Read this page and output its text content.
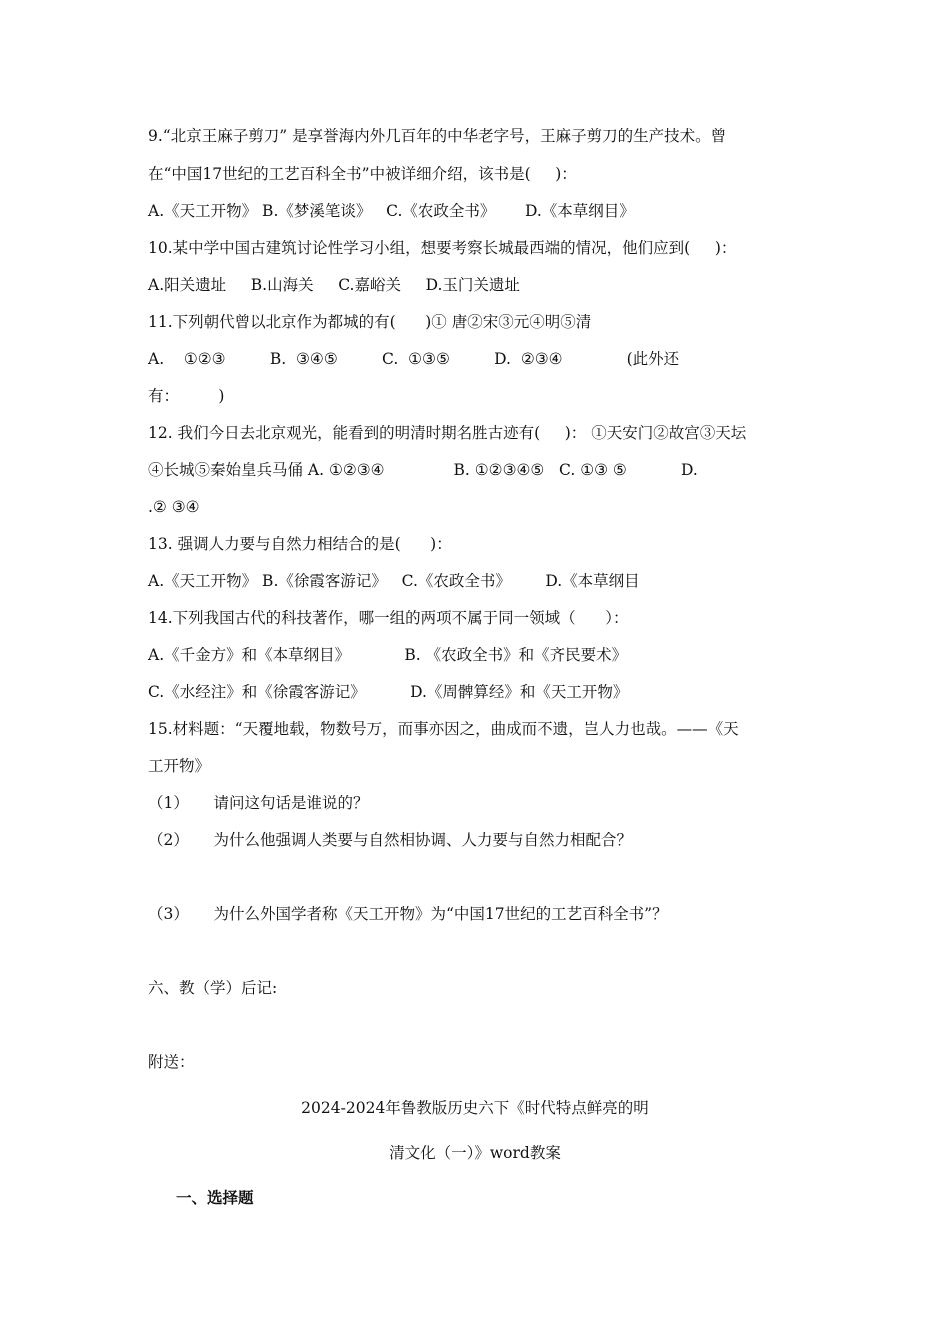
9.“北京王麻子剪刀” 是享誉海内外几百年的中华老字号，王麻子剪刀的生产技术。曾
在“中国17世纪的工艺百科全书”中被详细介绍，该书是(     )：
A.《天工开物》 B.《梦溪笔谈》   C.《农政全书》      D.《本草纲目》
10.某中学中国古建筑讨论性学习小组，想要考察长城最西端的情况，他们应到(     )：
A.阳关遗址     B.山海关     C.嘉峪关     D.玉门关遗址
11.下列朝代曾以北京作为都城的有(      )① 唐②宋③元④明⑤清
A.    ①②③         B.  ③④⑤         C.  ①③⑤         D.  ②③④             (此外还
有：        )
12. 我们今日去北京观光，能看到的明清时期名胜古迹有(     )： ①天安门②故宫③天坛
④长城⑤秦始皇兵马俑 A. ①②③④              B. ①②③④⑤   C. ①③ ⑤           D.
.② ③④
13. 强调人力要与自然力相结合的是(      )：
A.《天工开物》 B.《徐霞客游记》   C.《农政全书》       D.《本草纲目
14.下列我国古代的科技著作，哪一组的两项不属于同一领域（      ）：
A.《千金方》和《本草纲目》           B. 《农政全书》和《齐民要术》
C.《水经注》和《徐霞客游记》         D.《周髀算经》和《天工开物》
15.材料题：“天覆地载，物数号万，而事亦因之，曲成而不遗，岂人力也哉。——《天
工开物》
（1）     请问这句话是谁说的？
（2）     为什么他强调人类要与自然相协调、人力要与自然力相配合？
（3）     为什么外国学者称《天工开物》为“中国17世纪的工艺百科全书”？
六、教（学）后记:
附送：
2024-2024年鲁教版历史六下《时代特点鲜亮的明
清文化（一）》word教案
一、选择题
